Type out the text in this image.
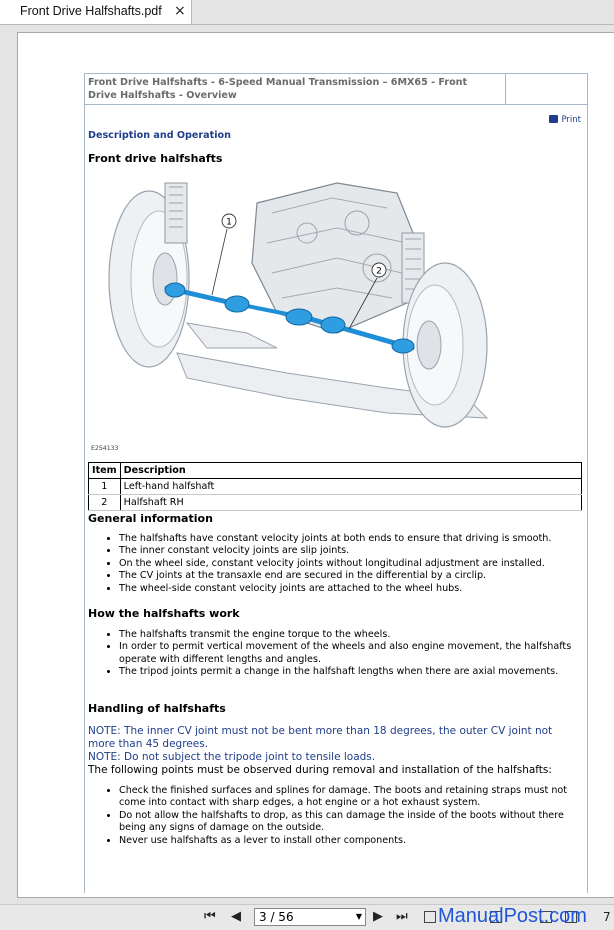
Front Drive Halfshafts.pdf ×
Front Drive Halfshafts - 6-Speed Manual Transmission – 6MX65 - Front Drive Halfshafts - Overview
Print
Description and Operation
Front drive halfshafts
1
2
E254133
Item	Description
1	Left-hand halfshaft
2	Halfshaft RH
General information
• The halfshafts have constant velocity joints at both ends to ensure that driving is smooth.
• The inner constant velocity joints are slip joints.
• On the wheel side, constant velocity joints without longitudinal adjustment are installed.
• The CV joints at the transaxle end are secured in the differential by a circlip.
• The wheel-side constant velocity joints are attached to the wheel hubs.
How the halfshafts work
• The halfshafts transmit the engine torque to the wheels.
• In order to permit vertical movement of the wheels and also engine movement, the halfshafts operate with different lengths and angles.
• The tripod joints permit a change in the halfshaft lengths when there are axial movements.
Handling of halfshafts
NOTE: The inner CV joint must not be bent more than 18 degrees, the outer CV joint not more than 45 degrees.
NOTE: Do not subject the tripode joint to tensile loads.
The following points must be observed during removal and installation of the halfshafts:
• Check the finished surfaces and splines for damage. The boots and retaining straps must not come into contact with sharp edges, a hot engine or a hot exhaust system.
• Do not allow the halfshafts to drop, as this can damage the inside of the boots without there being any signs of damage on the outside.
• Never use halfshafts as a lever to install other components.
⏮ ◀	3 / 56	▼ ▶ ⏭	7
ManualPost.com
